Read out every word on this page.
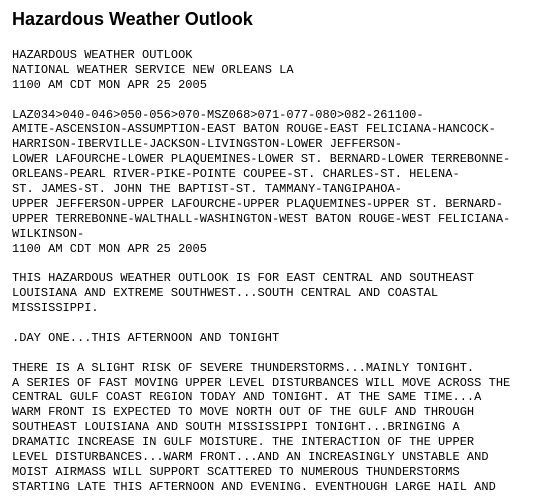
Hazardous Weather Outlook
HAZARDOUS WEATHER OUTLOOK
NATIONAL WEATHER SERVICE NEW ORLEANS LA
1100 AM CDT MON APR 25 2005
LAZ034>040-046>050-056>070-MSZ068>071-077-080>082-261100-
AMITE-ASCENSION-ASSUMPTION-EAST BATON ROUGE-EAST FELICIANA-HANCOCK-
HARRISON-IBERVILLE-JACKSON-LIVINGSTON-LOWER JEFFERSON-
LOWER LAFOURCHE-LOWER PLAQUEMINES-LOWER ST. BERNARD-LOWER TERREBONNE-
ORLEANS-PEARL RIVER-PIKE-POINTE COUPEE-ST. CHARLES-ST. HELENA-
ST. JAMES-ST. JOHN THE BAPTIST-ST. TAMMANY-TANGIPAHOA-
UPPER JEFFERSON-UPPER LAFOURCHE-UPPER PLAQUEMINES-UPPER ST. BERNARD-
UPPER TERREBONNE-WALTHALL-WASHINGTON-WEST BATON ROUGE-WEST FELICIANA-
WILKINSON-
1100 AM CDT MON APR 25 2005
THIS HAZARDOUS WEATHER OUTLOOK IS FOR EAST CENTRAL AND SOUTHEAST
LOUISIANA AND EXTREME SOUTHWEST...SOUTH CENTRAL AND COASTAL
MISSISSIPPI.
.DAY ONE...THIS AFTERNOON AND TONIGHT
THERE IS A SLIGHT RISK OF SEVERE THUNDERSTORMS...MAINLY TONIGHT.
A SERIES OF FAST MOVING UPPER LEVEL DISTURBANCES WILL MOVE ACROSS THE
CENTRAL GULF COAST REGION TODAY AND TONIGHT. AT THE SAME TIME...A
WARM FRONT IS EXPECTED TO MOVE NORTH OUT OF THE GULF AND THROUGH
SOUTHEAST LOUISIANA AND SOUTH MISSISSIPPI TONIGHT...BRINGING A
DRAMATIC INCREASE IN GULF MOISTURE. THE INTERACTION OF THE UPPER
LEVEL DISTURBANCES...WARM FRONT...AND AN INCREASINGLY UNSTABLE AND
MOIST AIRMASS WILL SUPPORT SCATTERED TO NUMEROUS THUNDERSTORMS
STARTING LATE THIS AFTERNOON AND EVENING. EVENTHOUGH LARGE HAIL AND
